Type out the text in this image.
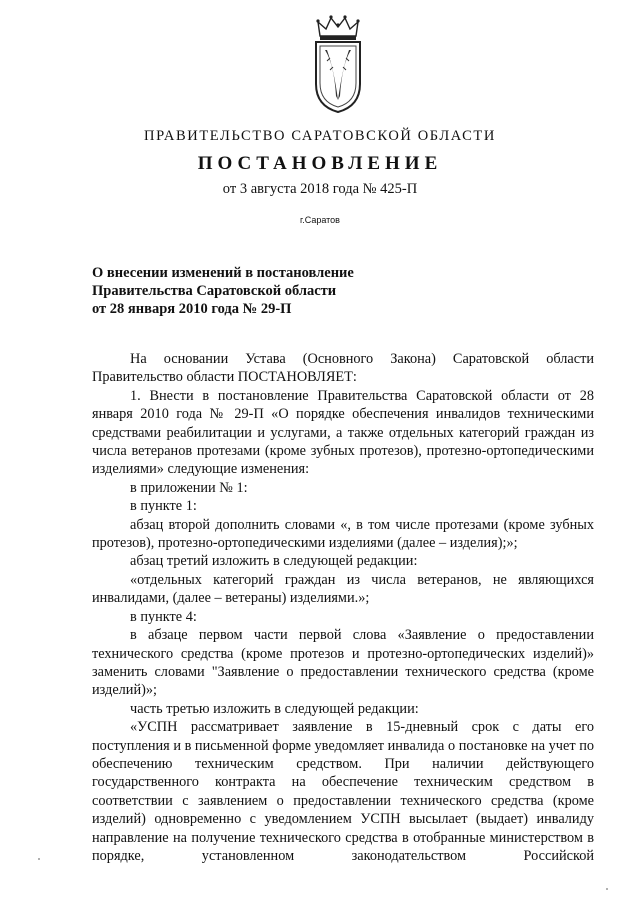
ПРАВИТЕЛЬСТВО САРАТОВСКОЙ ОБЛАСТИ
ПОСТАНОВЛЕНИЕ
от 3 августа 2018 года № 425-П
г.Саратов
О внесении изменений в постановление
Правительства Саратовской области
от 28 января 2010 года № 29-П

На основании Устава (Основного Закона) Саратовской области Правительство области ПОСТАНОВЛЯЕТ:

1. Внести в постановление Правительства Саратовской области от 28 января 2010 года № 29-П «О порядке обеспечения инвалидов техническими средствами реабилитации и услугами, а также отдельных категорий граждан из числа ветеранов протезами (кроме зубных протезов), протезно-ортопедическими изделиями» следующие изменения:

в приложении № 1:

в пункте 1:

абзац второй дополнить словами «, в том числе протезами (кроме зубных протезов), протезно-ортопедическими изделиями (далее – изделия);»;

абзац третий изложить в следующей редакции:

«отдельных категорий граждан из числа ветеранов, не являющихся инвалидами, (далее – ветераны) изделиями.»;

в пункте 4:

в абзаце первом части первой слова «Заявление о предоставлении технического средства (кроме протезов и протезно-ортопедических изделий)» заменить словами "Заявление о предоставлении технического средства (кроме изделий)»;

часть третью изложить в следующей редакции:

«УСПН рассматривает заявление в 15-дневный срок с даты его поступления и в письменной форме уведомляет инвалида о постановке на учет по обеспечению техническим средством. При наличии действующего государственного контракта на обеспечение техническим средством в соответствии с заявлением о предоставлении технического средства (кроме изделий) одновременно с уведомлением УСПН высылает (выдает) инвалиду направление на получение технического средства в отобранные министерством в порядке, установленном законодательством Российской
